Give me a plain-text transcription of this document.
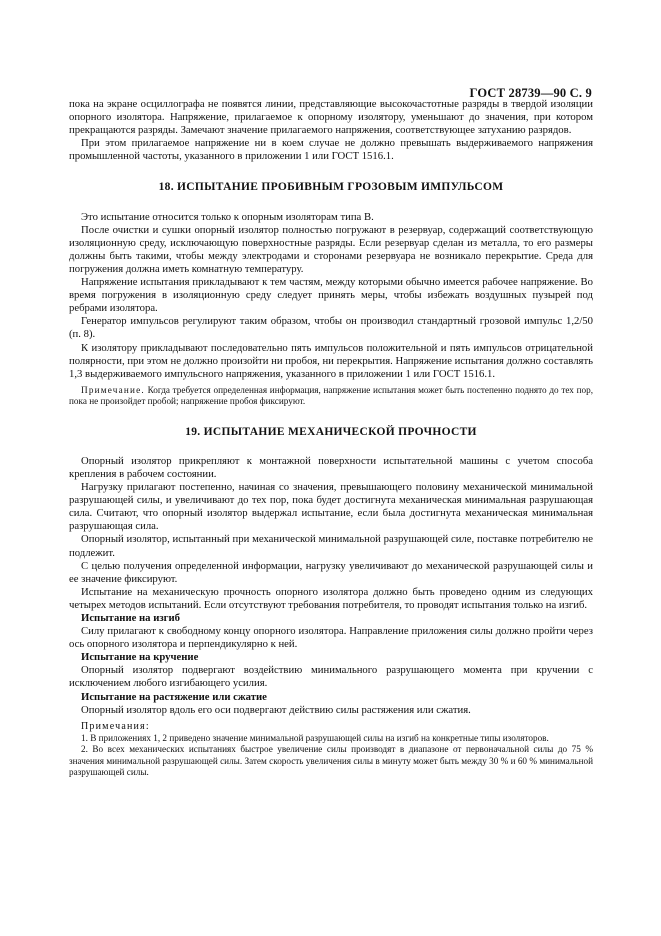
ГОСТ 28739—90 С. 9

пока на экране осциллографа не появятся линии, представляющие высокочастотные разряды в твердой изоляции опорного изолятора. Напряжение, прилагаемое к опорному изолятору, уменьшают до значения, при котором прекращаются разряды. Замечают значение прилагаемого напряжения, соответствующее затуханию разрядов.

При этом прилагаемое напряжение ни в коем случае не должно превышать выдерживаемого напряжения промышленной частоты, указанного в приложении 1 или ГОСТ 1516.1.

18. ИСПЫТАНИЕ ПРОБИВНЫМ ГРОЗОВЫМ ИМПУЛЬСОМ

Это испытание относится только к опорным изоляторам типа В.

После очистки и сушки опорный изолятор полностью погружают в резервуар, содержащий соответствующую изоляционную среду, исключающую поверхностные разряды. Если резервуар сделан из металла, то его размеры должны быть такими, чтобы между электродами и сторонами резервуара не возникало перекрытие. Среда для погружения должна иметь комнатную температуру.

Напряжение испытания прикладывают к тем частям, между которыми обычно имеется рабочее напряжение. Во время погружения в изоляционную среду следует принять меры, чтобы избежать воздушных пузырей под ребрами изолятора.

Генератор импульсов регулируют таким образом, чтобы он производил стандартный грозовой импульс 1,2/50 (п. 8).

К изолятору прикладывают последовательно пять импульсов положительной и пять импульсов отрицательной полярности, при этом не должно произойти ни пробоя, ни перекрытия. Напряжение испытания должно составлять 1,3 выдерживаемого импульсного напряжения, указанного в приложении 1 или ГОСТ 1516.1.

Примечание. Когда требуется определенная информация, напряжение испытания может быть постепенно поднято до тех пор, пока не произойдет пробой; напряжение пробоя фиксируют.

19. ИСПЫТАНИЕ МЕХАНИЧЕСКОЙ ПРОЧНОСТИ

Опорный изолятор прикрепляют к монтажной поверхности испытательной машины с учетом способа крепления в рабочем состоянии.

Нагрузку прилагают постепенно, начиная со значения, превышающего половину механической минимальной разрушающей силы, и увеличивают до тех пор, пока будет достигнута механическая минимальная разрушающая сила. Считают, что опорный изолятор выдержал испытание, если была достигнута механическая минимальная разрушающая сила.

Опорный изолятор, испытанный при механической минимальной разрушающей силе, поставке потребителю не подлежит.

С целью получения определенной информации, нагрузку увеличивают до механической разрушающей силы и ее значение фиксируют.

Испытание на механическую прочность опорного изолятора должно быть проведено одним из следующих четырех методов испытаний. Если отсутствуют требования потребителя, то проводят испытания только на изгиб.

Испытание на изгиб

Силу прилагают к свободному концу опорного изолятора. Направление приложения силы должно пройти через ось опорного изолятора и перпендикулярно к ней.

Испытание на кручение

Опорный изолятор подвергают воздействию минимального разрушающего момента при кручении с исключением любого изгибающего усилия.

Испытание на растяжение или сжатие

Опорный изолятор вдоль его оси подвергают действию силы растяжения или сжатия.

Примечания:

1. В приложениях 1, 2 приведено значение минимальной разрушающей силы на изгиб на конкретные типы изоляторов.

2. Во всех механических испытаниях быстрое увеличение силы производят в диапазоне от первоначальной силы до 75 % значения минимальной разрушающей силы. Затем скорость увеличения силы в минуту может быть между 30 % и 60 % минимальной разрушающей силы.
